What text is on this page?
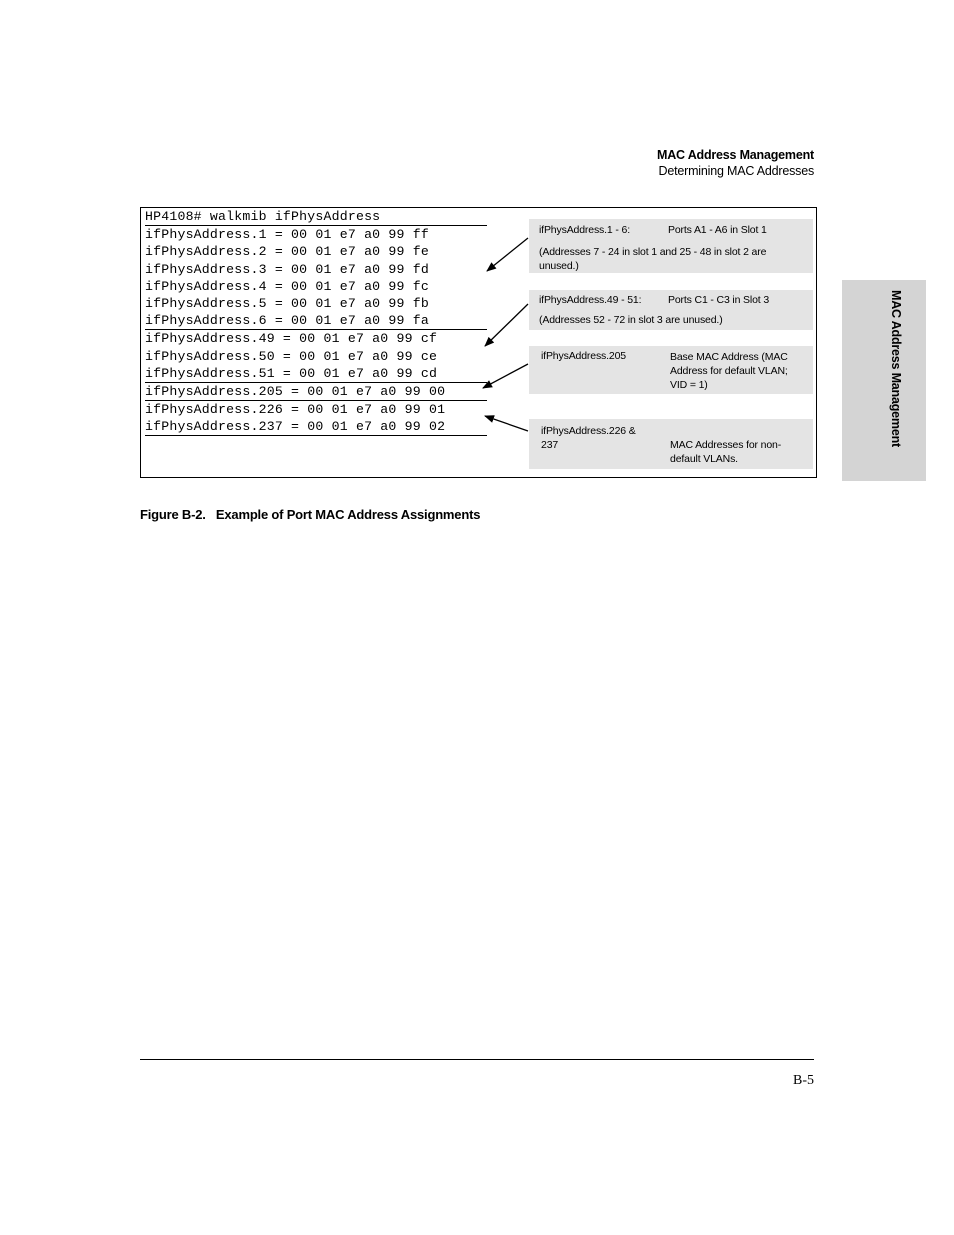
MAC Address Management
Determining MAC Addresses
MAC Address Management
HP4108# walkmib ifPhysAddress
ifPhysAddress.1 = 00 01 e7 a0 99 ff
ifPhysAddress.2 = 00 01 e7 a0 99 fe
ifPhysAddress.3 = 00 01 e7 a0 99 fd
ifPhysAddress.4 = 00 01 e7 a0 99 fc
ifPhysAddress.5 = 00 01 e7 a0 99 fb
ifPhysAddress.6 = 00 01 e7 a0 99 fa
ifPhysAddress.49 = 00 01 e7 a0 99 cf
ifPhysAddress.50 = 00 01 e7 a0 99 ce
ifPhysAddress.51 = 00 01 e7 a0 99 cd
ifPhysAddress.205 = 00 01 e7 a0 99 00
ifPhysAddress.226 = 00 01 e7 a0 99 01
ifPhysAddress.237 = 00 01 e7 a0 99 02
ifPhysAddress.1 - 6:	Ports A1 - A6 in Slot 1
(Addresses 7 - 24 in slot 1 and 25 - 48 in slot 2 are unused.)
ifPhysAddress.49 - 51:	Ports C1 - C3 in Slot 3
(Addresses 52 - 72 in slot 3 are unused.)
ifPhysAddress.205	Base MAC Address (MAC Address for default VLAN; VID = 1)
ifPhysAddress.226 & 237	MAC Addresses for non-default VLANs.
Figure B-2.   Example of Port MAC Address Assignments
B-5
